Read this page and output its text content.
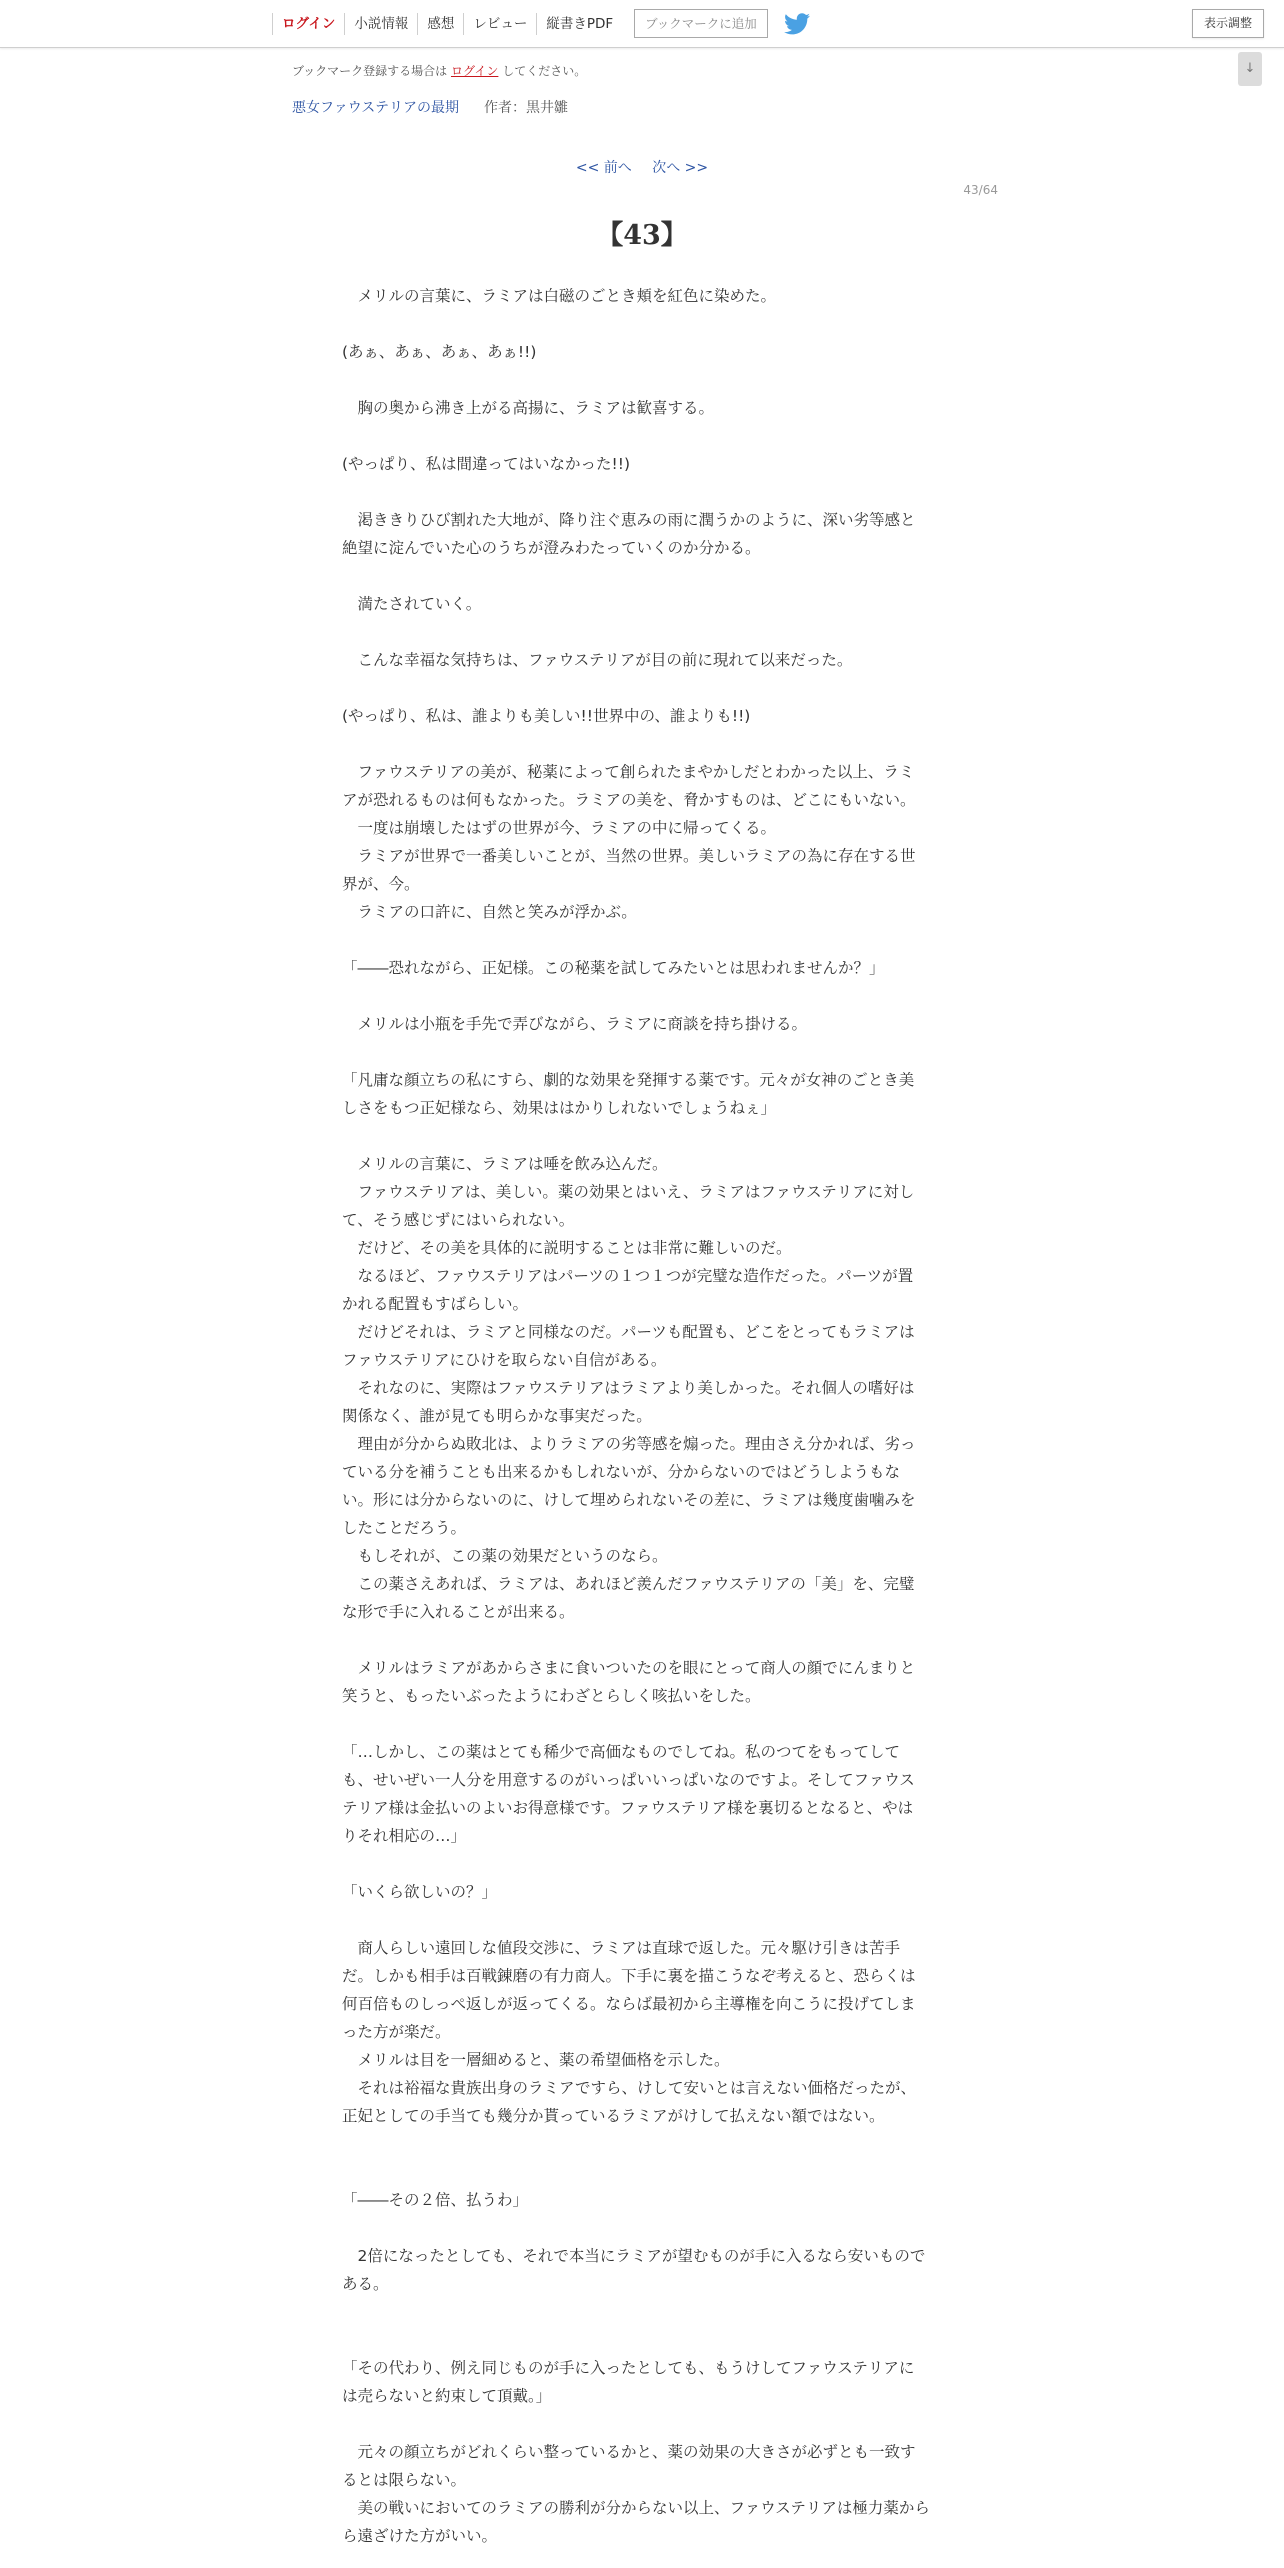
ログイン	小説情報	感想	レビュー	縦書きPDF	ブックマークに追加	表示調整
↓
ブックマーク登録する場合は ログイン してください。
悪女ファウステリアの最期 作者：黒井雛
<< 前へ 次へ >>
43/64
【43】
　メリルの言葉に、ラミアは白磁のごとき頬を紅色に染めた。
(あぁ、あぁ、あぁ、あぁ!!)
　胸の奥から沸き上がる高揚に、ラミアは歓喜する。
(やっぱり、私は間違ってはいなかった!!)
　渇ききりひび割れた大地が、降り注ぐ恵みの雨に潤うかのように、深い劣等感と
絶望に淀んでいた心のうちが澄みわたっていくのか分かる。
　満たされていく。
　こんな幸福な気持ちは、ファウステリアが目の前に現れて以来だった。
(やっぱり、私は、誰よりも美しい!!世界中の、誰よりも!!)
　ファウステリアの美が、秘薬によって創られたまやかしだとわかった以上、ラミ
アが恐れるものは何もなかった。ラミアの美を、脅かすものは、どこにもいない。
　一度は崩壊したはずの世界が今、ラミアの中に帰ってくる。
　ラミアが世界で一番美しいことが、当然の世界。美しいラミアの為に存在する世
界が、今。
　ラミアの口許に、自然と笑みが浮かぶ。
「――恐れながら、正妃様。この秘薬を試してみたいとは思われませんか？」
　メリルは小瓶を手先で弄びながら、ラミアに商談を持ち掛ける。
「凡庸な顔立ちの私にすら、劇的な効果を発揮する薬です。元々が女神のごとき美
しさをもつ正妃様なら、効果ははかりしれないでしょうねぇ」
　メリルの言葉に、ラミアは唾を飲み込んだ。
　ファウステリアは、美しい。薬の効果とはいえ、ラミアはファウステリアに対し
て、そう感じずにはいられない。
　だけど、その美を具体的に説明することは非常に難しいのだ。
　なるほど、ファウステリアはパーツの１つ１つが完璧な造作だった。パーツが置
かれる配置もすばらしい。
　だけどそれは、ラミアと同様なのだ。パーツも配置も、どこをとってもラミアは
ファウステリアにひけを取らない自信がある。
　それなのに、実際はファウステリアはラミアより美しかった。それ個人の嗜好は
関係なく、誰が見ても明らかな事実だった。
　理由が分からぬ敗北は、よりラミアの劣等感を煽った。理由さえ分かれば、劣っ
ている分を補うことも出来るかもしれないが、分からないのではどうしようもな
い。形には分からないのに、けして埋められないその差に、ラミアは幾度歯噛みを
したことだろう。
　もしそれが、この薬の効果だというのなら。
　この薬さえあれば、ラミアは、あれほど羨んだファウステリアの「美」を、完璧
な形で手に入れることが出来る。
　メリルはラミアがあからさまに食いついたのを眼にとって商人の顔でにんまりと
笑うと、もったいぶったようにわざとらしく咳払いをした。
「…しかし、この薬はとても稀少で高価なものでしてね。私のつてをもってして
も、せいぜい一人分を用意するのがいっぱいいっぱいなのですよ。そしてファウス
テリア様は金払いのよいお得意様です。ファウステリア様を裏切るとなると、やは
りそれ相応の…」
「いくら欲しいの？」
　商人らしい遠回しな値段交渉に、ラミアは直球で返した。元々駆け引きは苦手
だ。しかも相手は百戦錬磨の有力商人。下手に裏を描こうなぞ考えると、恐らくは
何百倍ものしっぺ返しが返ってくる。ならば最初から主導権を向こうに投げてしま
った方が楽だ。
　メリルは目を一層細めると、薬の希望価格を示した。
　それは裕福な貴族出身のラミアですら、けして安いとは言えない価格だったが、
正妃としての手当ても幾分か貰っているラミアがけして払えない額ではない。
「――その２倍、払うわ」
　2倍になったとしても、それで本当にラミアが望むものが手に入るなら安いもので
ある。
「その代わり、例え同じものが手に入ったとしても、もうけしてファウステリアに
は売らないと約束して頂戴。」
　元々の顔立ちがどれくらい整っているかと、薬の効果の大きさが必ずとも一致す
るとは限らない。
　美の戦いにおいてのラミアの勝利が分からない以上、ファウステリアは極力薬から
ら遠ざけた方がいい。
